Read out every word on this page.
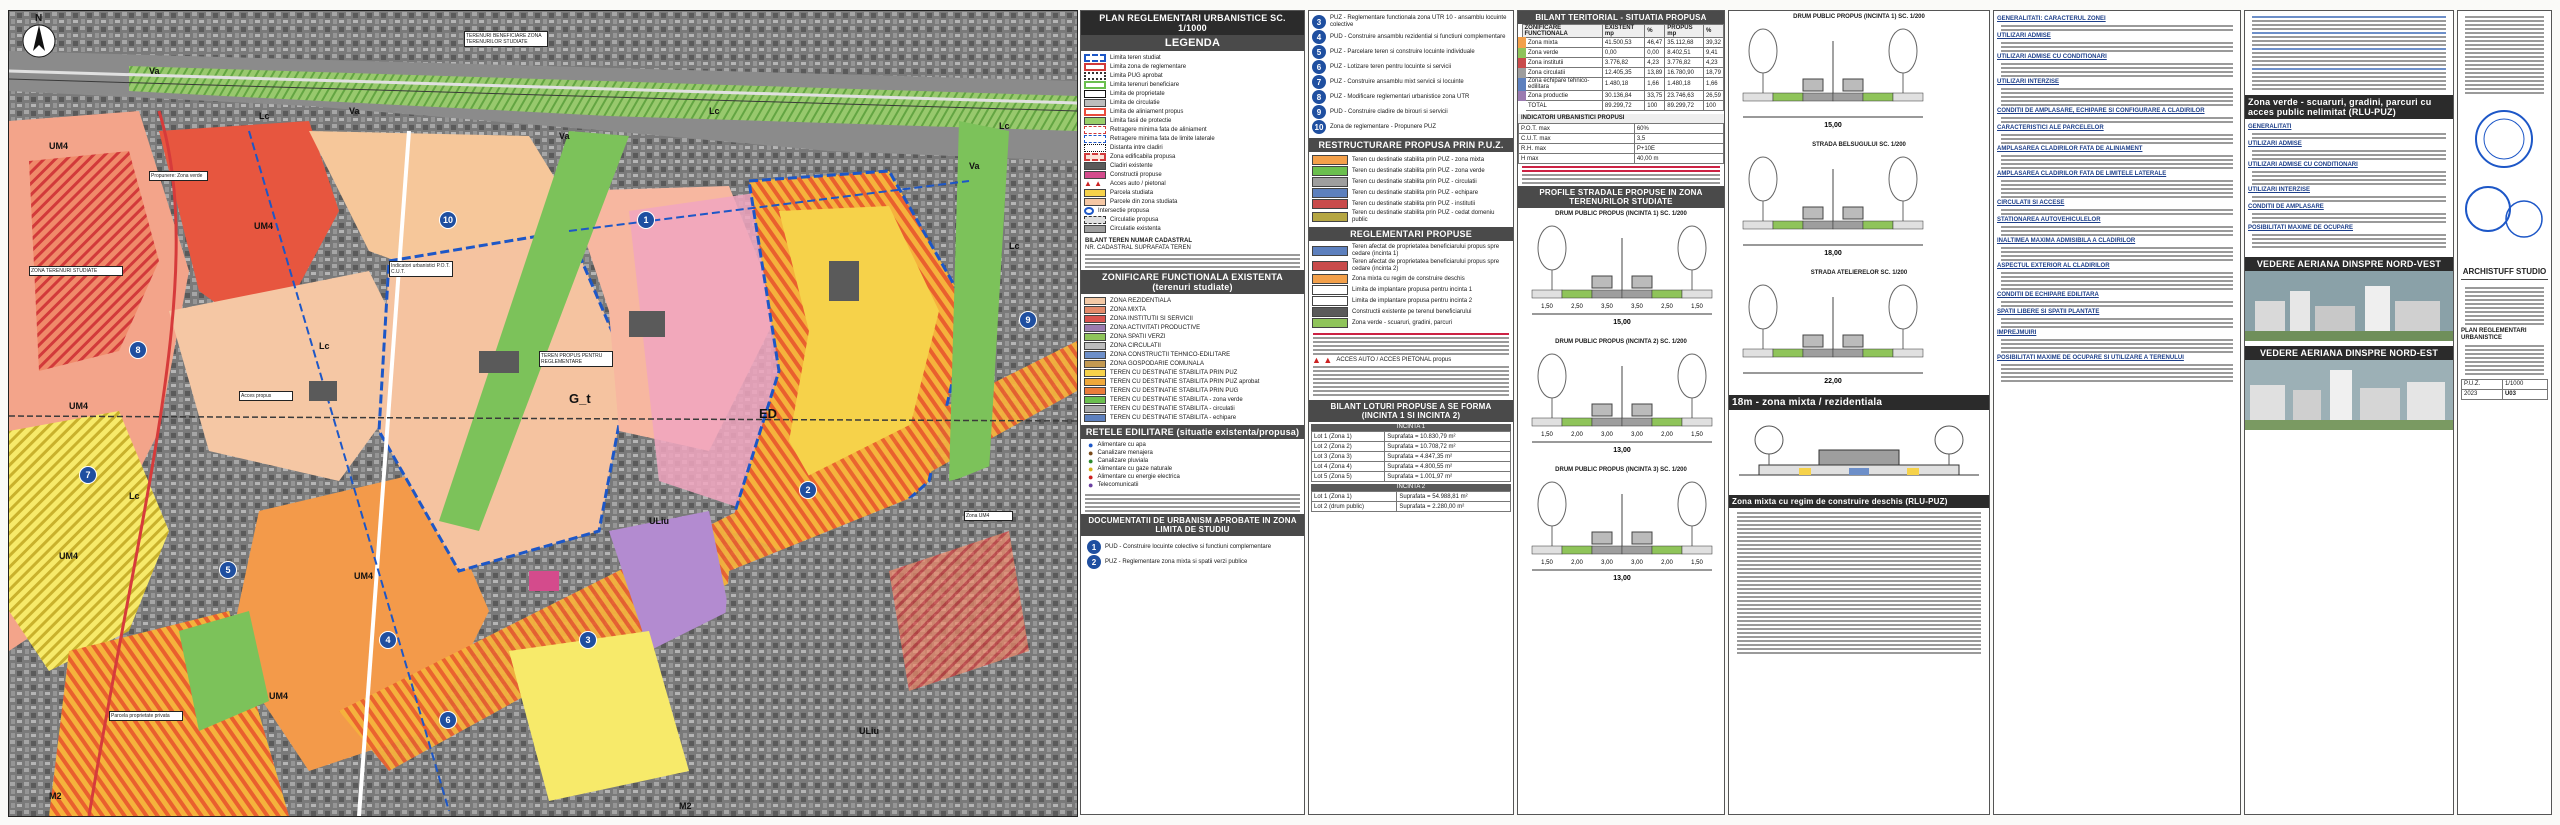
N
Va
Va
UM4
Lc	Lc
Lc
Lc
UM4
UM4
UM4
Va
Va
G_t
ED
ULiu
UM4
M2
Lc
Lc
UM4
ULiu
M2
1
2
3
4
5
6
7
8
9
10
TERENURI BENEFICIARE ZONA TERENURILOR STUDIATE
Propunere: Zona verde
ZONA TERENURI STUDIATE
TEREN PROPUS PENTRU REGLEMENTARE
Indicatori urbanistici P.O.T. C.U.T.
Acces propus
Zona UM4
Parcela proprietate privata
PLAN REGLEMENTARI URBANISTICE SC. 1/1000
LEGENDA
Limita teren studiat
Limita zona de reglementare
Limita PUG aprobat
Limita terenuri beneficiare
Limita de proprietate
Limita de circulatie
Limita de aliniament propus
Limita fasii de protectie
Retragere minima fata de aliniament
Retragere minima fata de limite laterale
Distanta intre cladiri
Zona edificabila propusa
Cladiri existente
Constructii propuse
▲ ▲	Acces auto / pietonal
Parcela studiata
Parcele din zona studiata
Intersectie propusa
Circulatie propusa
Circulatie existenta
BILANT TEREN NUMAR CADASTRAL
NR. CADASTRAL SUPRAFATA TEREN
ZONIFICARE FUNCTIONALA EXISTENTA (terenuri studiate)
ZONA REZIDENTIALA
ZONA MIXTA
ZONA INSTITUTII SI SERVICII
ZONA ACTIVITATI PRODUCTIVE
ZONA SPATII VERZI
ZONA CIRCULATII
ZONA CONSTRUCTII TEHNICO-EDILITARE
ZONA GOSPODARIE COMUNALA
TEREN CU DESTINATIE STABILITA PRIN PUZ
TEREN CU DESTINATIE STABILITA PRIN PUZ aprobat
TEREN CU DESTINATIE STABILITA PRIN PUG
TEREN CU DESTINATIE STABILITA - zona verde
TEREN CU DESTINATIE STABILITA - circulatii
TEREN CU DESTINATIE STABILITA - echipare
RETELE EDILITARE (situatie existenta/propusa)
● Alimentare cu apa
● Canalizare menajera
● Canalizare pluviala
● Alimentare cu gaze naturale
● Alimentare cu energie electrica
● Telecomunicatii
DOCUMENTATII DE URBANISM APROBATE IN ZONA LIMITA DE STUDIU
1	PUD - Construire locuinte colective si functiuni complementare
2	PUZ - Reglementare zona mixta si spatii verzi publice
3	PUZ - Reglementare functionala zona UTR 10 - ansamblu locuinte colective
4	PUD - Construire ansamblu rezidential si functiuni complementare
5	PUZ - Parcelare teren si construire locuinte individuale
6	PUZ - Lotizare teren pentru locuinte si servicii
7	PUZ - Construire ansamblu mixt servicii si locuinte
8	PUZ - Modificare reglementari urbanistice zona UTR
9	PUD - Construire cladire de birouri si servicii
10	Zona de reglementare - Propunere PUZ
RESTRUCTURARE PROPUSA PRIN P.U.Z.
Teren cu destinatie stabilita prin PUZ - zona mixta
Teren cu destinatie stabilita prin PUZ - zona verde
Teren cu destinatie stabilita prin PUZ - circulatii
Teren cu destinatie stabilita prin PUZ - echipare
Teren cu destinatie stabilita prin PUZ - institutii
Teren cu destinatie stabilita prin PUZ - cedat domeniu public
REGLEMENTARI PROPUSE
Teren afectat de proprietatea beneficiarului propus spre cedare (incinta 1)
Teren afectat de proprietatea beneficiarului propus spre cedare (incinta 2)
Zona mixta cu regim de construire deschis
Limita de implantare propusa pentru incinta 1
Limita de implantare propusa pentru incinta 2
Constructii existente pe terenul beneficiarului
Zona verde - scuaruri, gradini, parcuri
▲ ▲ ACCES AUTO / ACCES PIETONAL propus
BILANT LOTURI PROPUSE A SE FORMA (INCINTA 1 SI INCINTA 2)
INCINTA 1
Lot 1 (Zona 1)	Suprafata = 10.830,79 m²
Lot 2 (Zona 2)	Suprafata = 10.708,72 m²
Lot 3 (Zona 3)	Suprafata = 4.847,35 m²
Lot 4 (Zona 4)	Suprafata = 4.800,55 m²
Lot 5 (Zona 5)	Suprafata = 1.001,97 m²
INCINTA 2
Lot 1 (Zona 1)	Suprafata = 54.988,81 m²
Lot 2 (drum public)	Suprafata = 2.280,00 m²
BILANT TERITORIAL - SITUATIA PROPUSA
ZONIFICARE FUNCTIONALA	EXISTENT mp	%	PROPUS mp	%
Zona mixta	41.500,53	46,47	35.112,68	39,32
Zona verde	0,00	0,00	8.402,51	9,41
Zona institutii	3.776,82	4,23	3.776,82	4,23
Zona circulatii	12.405,35	13,89	16.780,90	18,79
Zona echipare tehnico-edilitara	1.480,18	1,66	1.480,18	1,66
Zona productie	30.136,84	33,75	23.746,63	26,59
TOTAL	89.299,72	100	89.299,72	100
INDICATORI URBANISTICI PROPUSI
P.O.T. max	60%
C.U.T. max	3,5
R.H. max	P+10E
H max	40,00 m
PROFILE STRADALE PROPUSE IN ZONA TERENURILOR STUDIATE
DRUM PUBLIC PROPUS (INCINTA 1) SC. 1/200
1,50	2,50	3,50	3,50	2,50	1,50
15,00
DRUM PUBLIC PROPUS (INCINTA 2) SC. 1/200
1,50	2,00	3,00	3,00	2,00	1,50
13,00
DRUM PUBLIC PROPUS (INCINTA 3) SC. 1/200
1,50	2,00	3,00	3,00	2,00	1,50
13,00
DRUM PUBLIC PROPUS (INCINTA 1) SC. 1/200
15,00
STRADA BELSUGULUI SC. 1/200
18,00
STRADA ATELIERELOR SC. 1/200
22,00
18m - zona mixta / rezidentiala
Zona mixta cu regim de construire deschis (RLU-PUZ)
GENERALITATI: CARACTERUL ZONEI
UTILIZARI ADMISE
UTILIZARI ADMISE CU CONDITIONARI
UTILIZARI INTERZISE
CONDITII DE AMPLASARE, ECHIPARE SI CONFIGURARE A CLADIRILOR
CARACTERISTICI ALE PARCELELOR
AMPLASAREA CLADIRILOR FATA DE ALINIAMENT
AMPLASAREA CLADIRILOR FATA DE LIMITELE LATERALE
CIRCULATII SI ACCESE
STATIONAREA AUTOVEHICULELOR
INALTIMEA MAXIMA ADMISIBILA A CLADIRILOR
ASPECTUL EXTERIOR AL CLADIRILOR
CONDITII DE ECHIPARE EDILITARA
SPATII LIBERE SI SPATII PLANTATE
IMPREJMUIRI
POSIBILITATI MAXIME DE OCUPARE SI UTILIZARE A TERENULUI
Zona verde - scuaruri, gradini, parcuri cu acces public nelimitat (RLU-PUZ)
GENERALITATI
UTILIZARI ADMISE
UTILIZARI ADMISE CU CONDITIONARI
UTILIZARI INTERZISE
CONDITII DE AMPLASARE
POSIBILITATI MAXIME DE OCUPARE
VEDERE AERIANA DINSPRE NORD-VEST
VEDERE AERIANA DINSPRE NORD-EST
ARCHISTUFF STUDIO
PLAN REGLEMENTARI URBANISTICE
P.U.Z.	1/1000
2023	U03
